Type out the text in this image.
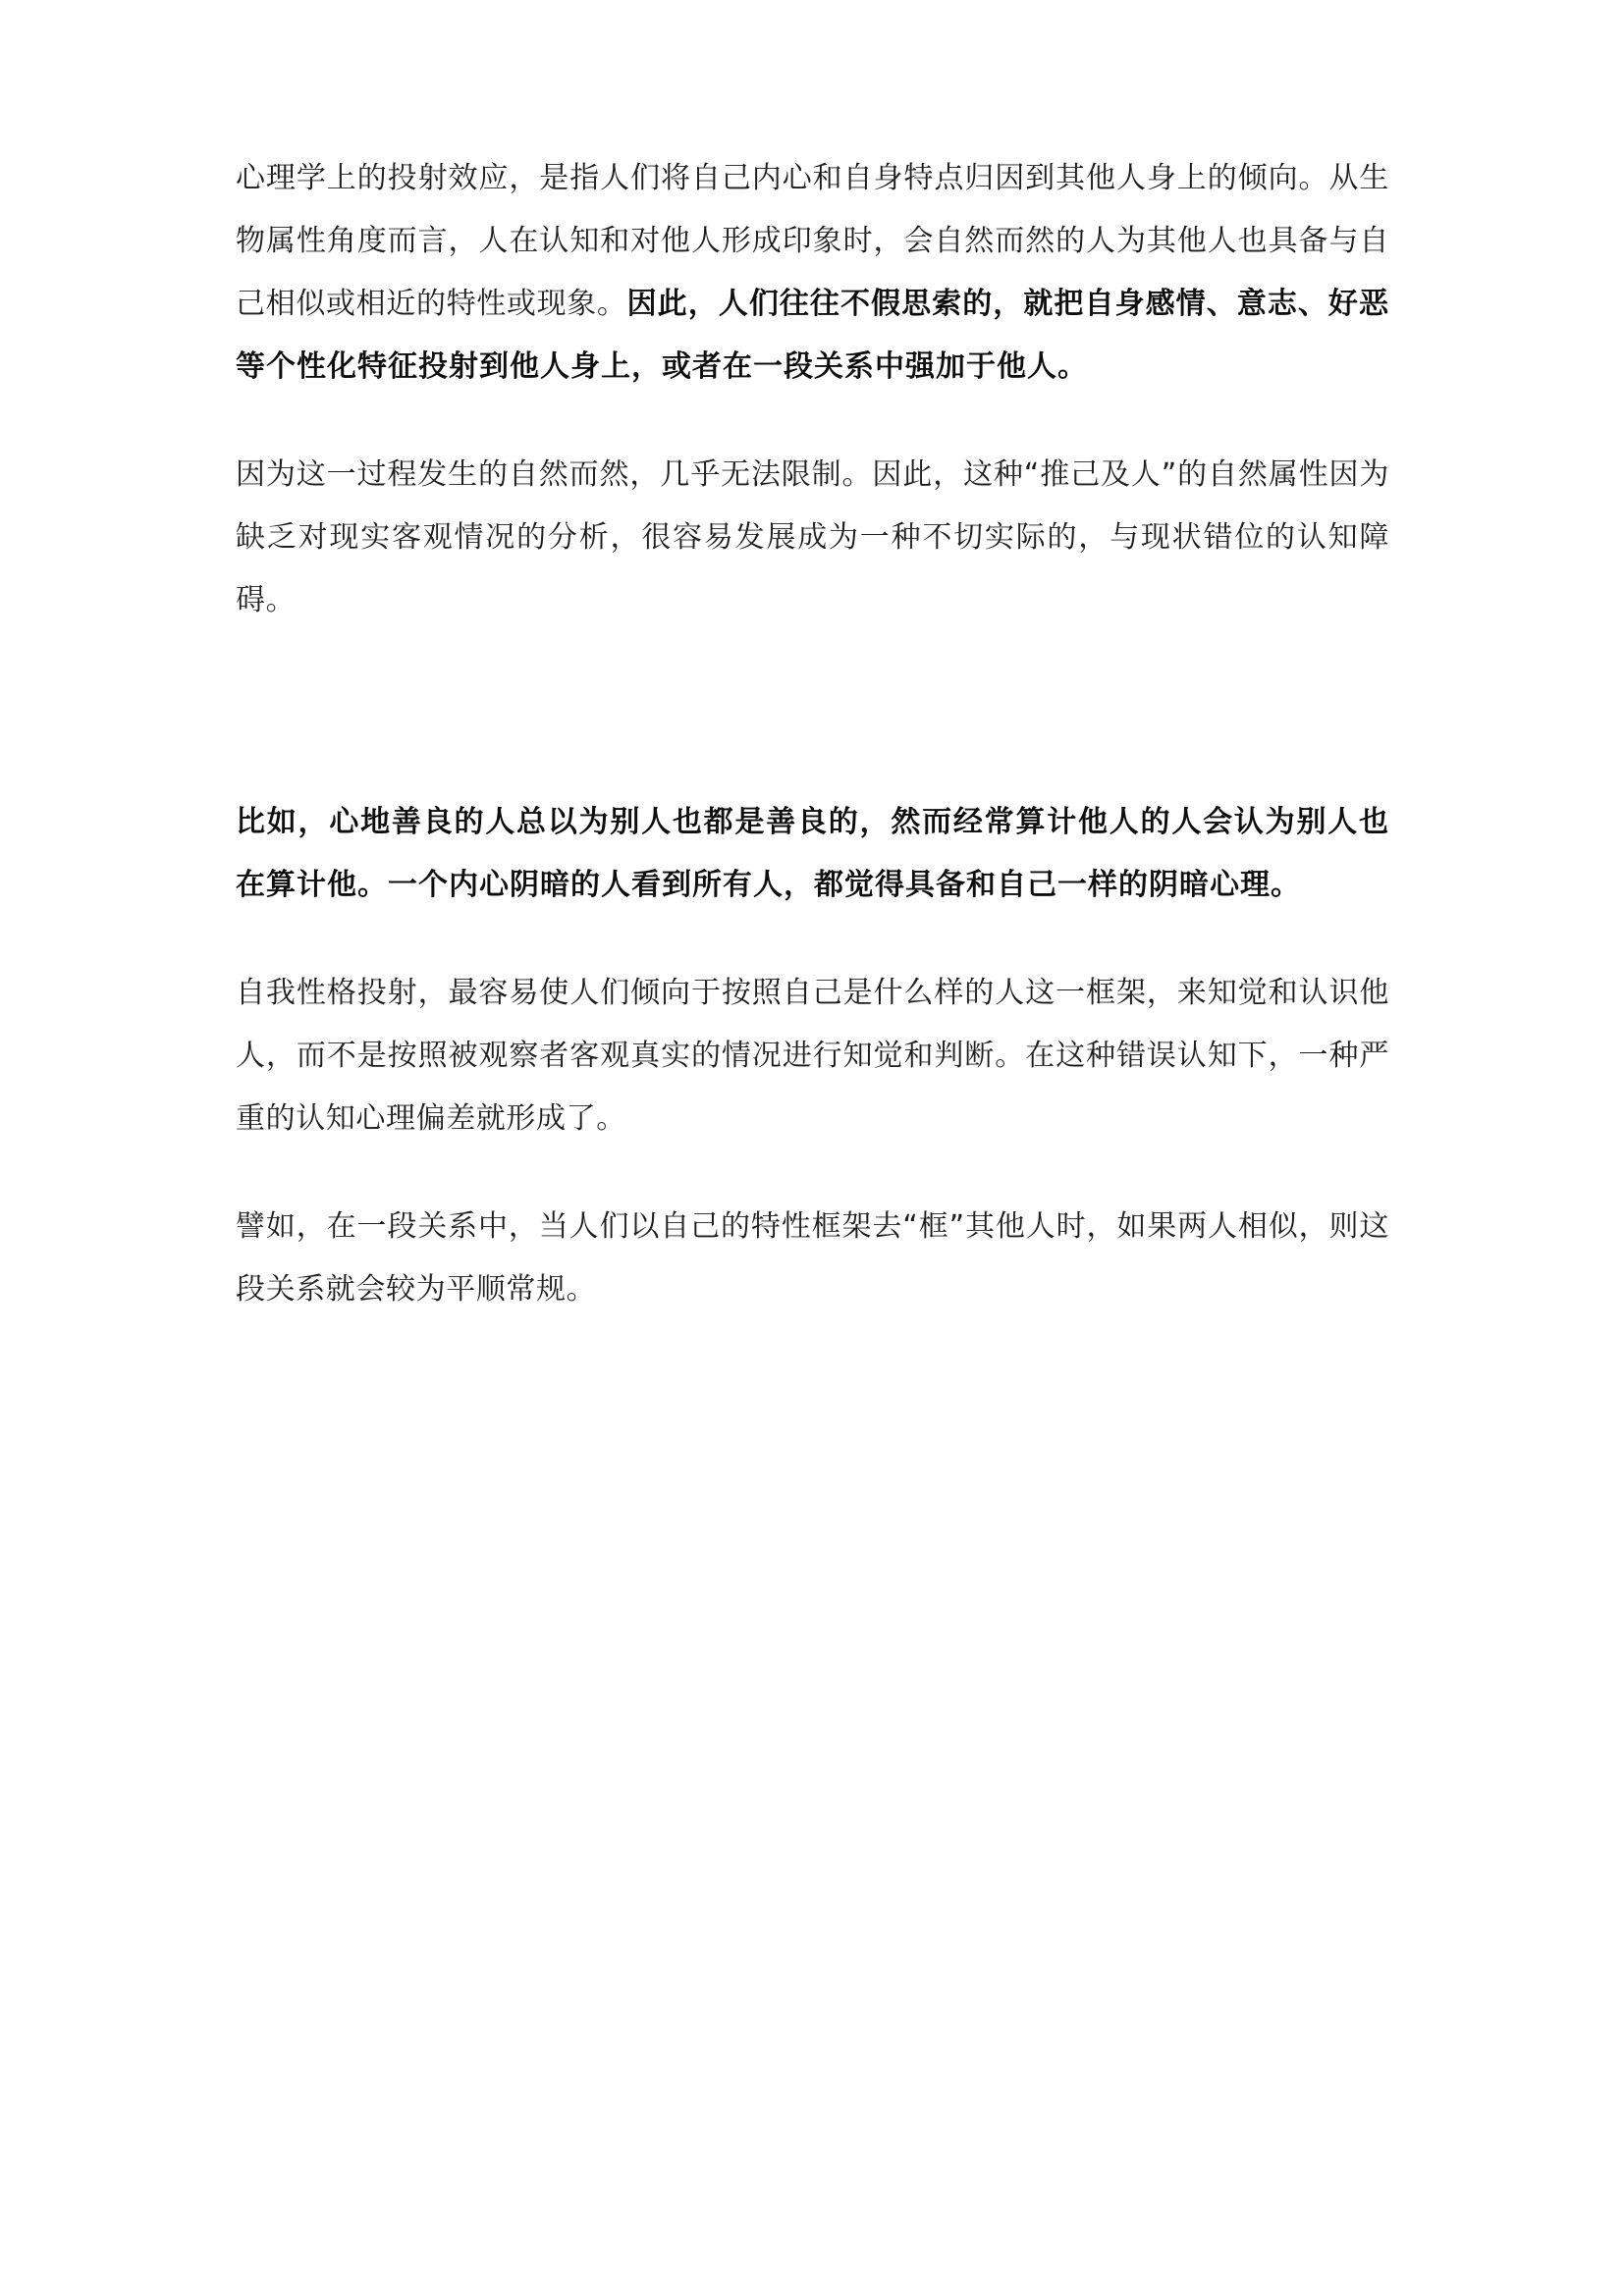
心理学上的投射效应，是指人们将自己内心和自身特点归因到其他人身上的倾向。从生物属性角度而言，人在认知和对他人形成印象时，会自然而然的人为其他人也具备与自己相似或相近的特性或现象。因此，人们往往不假思索的，就把自身感情、意志、好恶等个性化特征投射到他人身上，或者在一段关系中强加于他人。

因为这一过程发生的自然而然，几乎无法限制。因此，这种“推己及人”的自然属性因为缺乏对现实客观情况的分析，很容易发展成为一种不切实际的，与现状错位的认知障碍。

比如，心地善良的人总以为别人也都是善良的，然而经常算计他人的人会认为别人也在算计他。一个内心阴暗的人看到所有人，都觉得具备和自己一样的阴暗心理。

自我性格投射，最容易使人们倾向于按照自己是什么样的人这一框架，来知觉和认识他人，而不是按照被观察者客观真实的情况进行知觉和判断。在这种错误认知下，一种严重的认知心理偏差就形成了。

譬如，在一段关系中，当人们以自己的特性框架去“框”其他人时，如果两人相似，则这段关系就会较为平顺常规。
